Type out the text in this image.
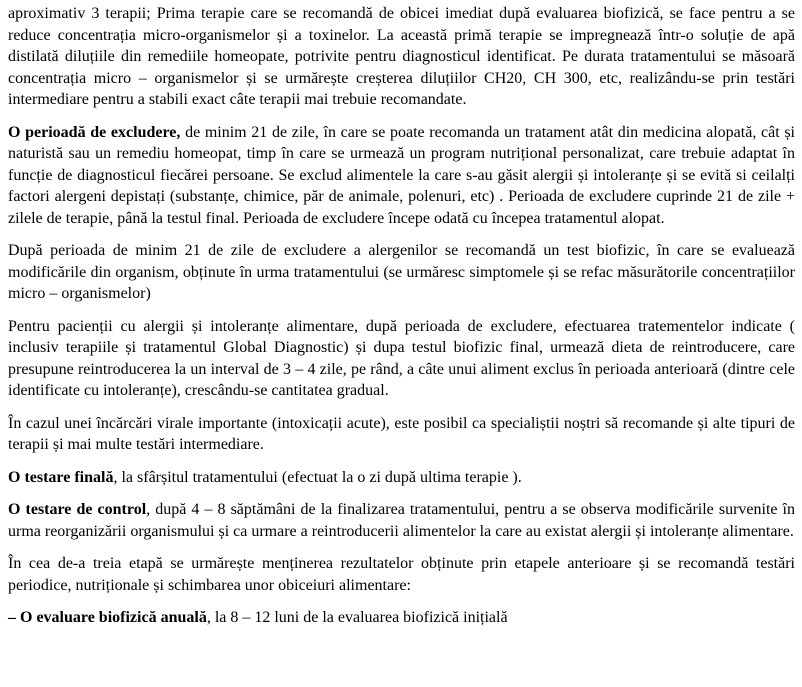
aproximativ 3 terapii; Prima terapie care se recomandă de obicei imediat după evaluarea biofizică, se face pentru a se reduce concentrația micro-organismelor și a toxinelor. La această primă terapie se impregnează într-o soluție de apă distilată diluțiile din remediile homeopate, potrivite pentru diagnosticul identificat. Pe durata tratamentului se măsoară concentrația micro – organismelor și se urmărește creșterea diluțiilor CH20, CH 300, etc, realizându-se prin testări intermediare pentru a stabili exact câte terapii mai trebuie recomandate.

O perioadă de excludere, de minim 21 de zile, în care se poate recomanda un tratament atât din medicina alopată, cât și naturistă sau un remediu homeopat, timp în care se urmează un program nutrițional personalizat, care trebuie adaptat în funcție de diagnosticul fiecărei persoane. Se exclud alimentele la care s-au găsit alergii și intoleranțe și se evită si ceilalți factori alergeni depistați (substanțe, chimice, păr de animale, polenuri, etc) . Perioada de excludere cuprinde 21 de zile + zilele de terapie, până la testul final. Perioada de excludere începe odată cu începea tratamentul alopat.

După perioada de minim 21 de zile de excludere a alergenilor se recomandă un test biofizic, în care se evaluează modificările din organism, obținute în urma tratamentului (se urmăresc simptomele și se refac măsurătorile concentrațiilor micro – organismelor)

Pentru pacienții cu alergii și intoleranțe alimentare, după perioada de excludere, efectuarea tratementelor indicate ( inclusiv terapiile și tratamentul Global Diagnostic) și dupa testul biofizic final, urmează dieta de reintroducere, care presupune reintroducerea la un interval de 3 – 4 zile, pe rând, a câte unui aliment exclus în perioada anterioară (dintre cele identificate cu intoleranțe), crescându-se cantitatea gradual.

În cazul unei încărcări virale importante (intoxicații acute), este posibil ca specialiștii noștri să recomande și alte tipuri de terapii și mai multe testări intermediare.

O testare finală, la sfârșitul tratamentului (efectuat la o zi după ultima terapie ).

O testare de control, după 4 – 8 săptămâni de la finalizarea tratamentului, pentru a se observa modificările survenite în urma reorganizării organismului și ca urmare a reintroducerii alimentelor la care au existat alergii și intoleranțe alimentare.

În cea de-a treia etapă se urmărește menținerea rezultatelor obținute prin etapele anterioare și se recomandă testări periodice, nutriționale și schimbarea unor obiceiuri alimentare:

– O evaluare biofizică anuală, la 8 – 12 luni de la evaluarea biofizică inițială
